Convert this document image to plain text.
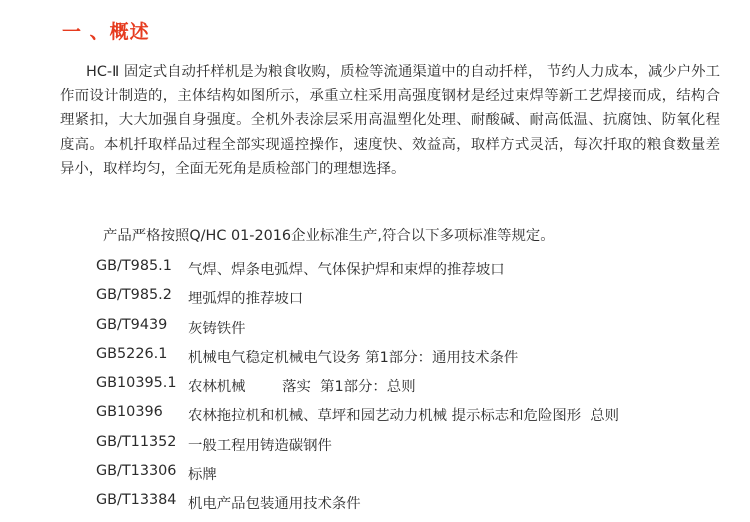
一 、概述

HC-Ⅱ 固定式自动扦样机是为粮食收购，质检等流通渠道中的自动扦样， 节约人力成本，减少户外工作而设计制造的，主体结构如图所示，承重立柱采用高强度钢材是经过束焊等新工艺焊接而成，结构合理紧扣，大大加强自身强度。全机外表涂层采用高温塑化处理、耐酸碱、耐高低温、抗腐蚀、防氧化程度高。本机扦取样品过程全部实现遥控操作，速度快、效益高，取样方式灵活，每次扦取的粮食数量差异小，取样均匀，全面无死角是质检部门的理想选择。

产品严格按照Q/HC 01-2016企业标准生产,符合以下多项标准等规定。

GB/T985.1 气焊、焊条电弧焊、气体保护焊和束焊的推荐坡口
GB/T985.2 埋弧焊的推荐坡口
GB/T9439 灰铸铁件
GB5226.1 机械电气稳定机械电气设务 第1部分：通用技术条件
GB10395.1 农林机械        落实  第1部分：总则
GB10396 农林拖拉机和机械、草坪和园艺动力机械 提示标志和危险图形  总则
GB/T11352 一般工程用铸造碳钢件
GB/T13306 标牌
GB/T13384 机电产品包装通用技术条件
